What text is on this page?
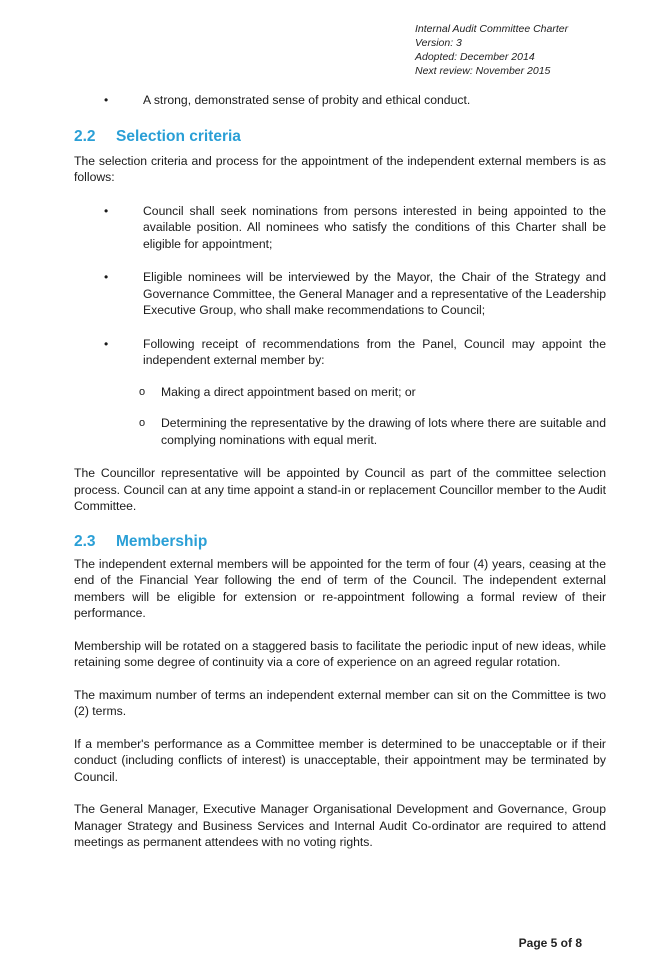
Internal Audit Committee Charter
Version: 3
Adopted: December 2014
Next review: November 2015
•	A strong, demonstrated sense of probity and ethical conduct.
2.2	Selection criteria

The selection criteria and process for the appointment of the independent external members is as follows:

•	Council shall seek nominations from persons interested in being appointed to the available position. All nominees who satisfy the conditions of this Charter shall be eligible for appointment;
•	Eligible nominees will be interviewed by the Mayor, the Chair of the Strategy and Governance Committee, the General Manager and a representative of the Leadership Executive Group, who shall make recommendations to Council;
•	Following receipt of recommendations from the Panel, Council may appoint the independent external member by:
o Making a direct appointment based on merit; or
o Determining the representative by the drawing of lots where there are suitable and complying nominations with equal merit.

The Councillor representative will be appointed by Council as part of the committee selection process. Council can at any time appoint a stand-in or replacement Councillor member to the Audit Committee.

2.3	Membership

The independent external members will be appointed for the term of four (4) years, ceasing at the end of the Financial Year following the end of term of the Council. The independent external members will be eligible for extension or re-appointment following a formal review of their performance.

Membership will be rotated on a staggered basis to facilitate the periodic input of new ideas, while retaining some degree of continuity via a core of experience on an agreed regular rotation.

The maximum number of terms an independent external member can sit on the Committee is two (2) terms.

If a member's performance as a Committee member is determined to be unacceptable or if their conduct (including conflicts of interest) is unacceptable, their appointment may be terminated by Council.

The General Manager, Executive Manager Organisational Development and Governance, Group Manager Strategy and Business Services and Internal Audit Co-ordinator are required to attend meetings as permanent attendees with no voting rights.

Page 5 of 8
